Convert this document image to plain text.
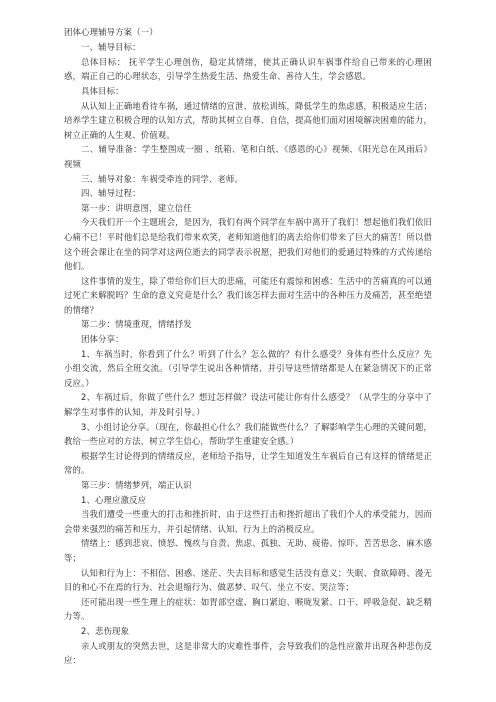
团体心理辅导方案（一）

一、辅导目标：

总体目标： 抚平学生心理创伤，稳定其情绪，使其正确认识车祸事件给自己带来的心理困惑，端正自己的心理状态，引导学生热爱生活、热爱生命、善待人生，学会感恩。

具体目标：

从认知上正确地看待车祸，通过情绪的宣泄、放松训练，降低学生的焦虑感，积极适应生活；培养学生建立积极合理的认知方式，帮助其树立自尊、自信，提高他们面对困境解决困难的能力，树立正确的人生观、价值观。

二、辅导准备：学生整围成一圈 、纸箱、笔和白纸、《感恩的心》视频、《阳光总在风雨后》视频

三、辅导对象：车祸受牵连的同学、老师。

四、辅导过程：

第一步：讲明意图，建立信任

今天我们开一个主题班会，是因为，我们有两个同学在车祸中离开了我们！想起他们我们依旧心痛不已！平时他们总是给我们带来欢笑，老师知道他们的离去给你们带来了巨大的痛苦！所以借这个班会课让在坐的同学对这两位逝去的同学表示祝愿，把我们对他们的爱通过特殊的方式传递给他们。

这件事情的发生，除了带给你们巨大的悲痛，可能还有震惊和困惑：生活中的苦痛真的可以通过死亡来解脱吗？生命的意义究竟是什么？我们该怎样去面对生活中的各种压力及痛苦，甚至绝望的情绪？

第二步：情境重现，情绪抒发

团体分享：

1、车祸当时，你看到了什么？听到了什么？怎么做的？有什么感受？身体有些什么反应？先小组交流，然后全班交流。（引导学生说出各种情绪，并引导这些情绪都是人在紧急情况下的正常反应。）

2、车祸过后，你做了些什么？想过怎样做？设法可能让你有什么感受？（从学生的分享中了解学生对事件的认知，并及时引导。）

3、小组讨论分享。（现在，你最担心什么？我们能做些什么？了解影响学生心理的关键问题，教给一些应对的方法，树立学生信心，帮助学生重建安全感。）

根据学生讨论得到的情绪反应，老师给予指导，让学生知道发生车祸后自己有这样的情绪是正常的。

第三步：情绪梦列，端正认识

1、心理应激反应

当我们遭受一些重大的打击和挫折时，由于这些打击和挫折超出了我们个人的承受能力，因而会带来强烈的痛苦和压力，并引起情绪、认知、行为上的消极反应。

情绪上：感到悲哀、愤怒、愧疚与自责、焦虑、孤独、无助、疲倦、惊吓、苦苦思念、麻木感等；

认知和行为上：不相信、困惑、迷茫、失去目标和感觉生活没有意义；失眠、食欲障碍、漫无目的和心不在焉的行为、社会退缩行为、做恶梦、叹气、坐立不安、哭泣等；

还可能出现一些生理上的症状：如胃部空虚、胸口紧迫、喉咙发紧、口干、呼吸急促、缺乏精力等。

2、悲伤现象

亲人或朋友的突然去世，这是非常大的灾难性事件，会导致我们的急性应激并出现各种悲伤反应：
